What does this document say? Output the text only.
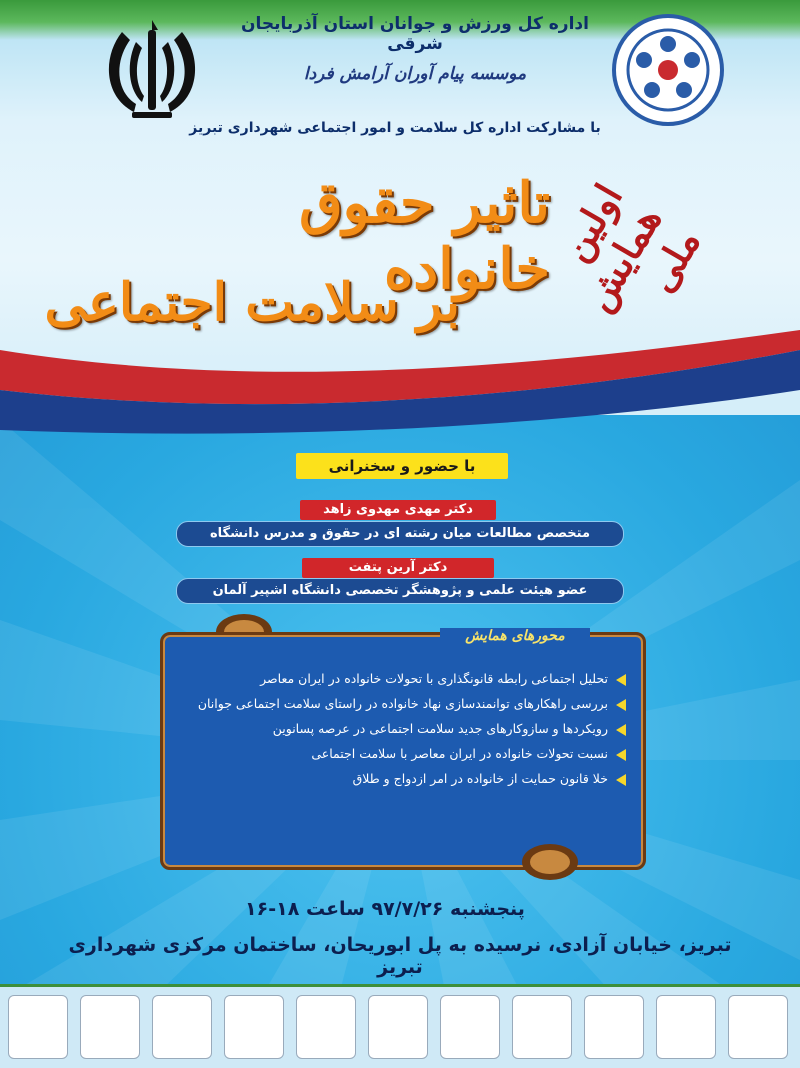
اداره کل ورزش و جوانان استان آذربایجان شرقی
موسسه پیام آوران آرامش فردا
با مشارکت اداره کل سلامت و امور اجتماعی شهرداری تبریز
اولین همایش ملی
تاثیر حقوق خانواده
بر سلامت اجتماعی
با حضور و سخنرانی
دکتر مهدی مهدوی زاهد
متخصص مطالعات میان رشته ای در حقوق و مدرس دانشگاه
دکتر آرین پتفت
عضو هیئت علمی و پژوهشگر تخصصی دانشگاه اشپیر آلمان
محورهای همایش
تحلیل اجتماعی رابطه قانونگذاری با تحولات خانواده در ایران معاصر
بررسی راهکارهای توانمندسازی نهاد خانواده در راستای سلامت اجتماعی جوانان
رویکردها و سازوکارهای جدید سلامت اجتماعی در عرصه پسانوین
نسبت تحولات خانواده در ایران معاصر با سلامت اجتماعی
خلا قانون حمایت از خانواده در امر ازدواج و طلاق
پنجشنبه ۹۷/۷/۲۶ ساعت ۱۸-۱۶
تبریز، خیابان آزادی، نرسیده به پل ابوریحان، ساختمان مرکزی شهرداری تبریز
